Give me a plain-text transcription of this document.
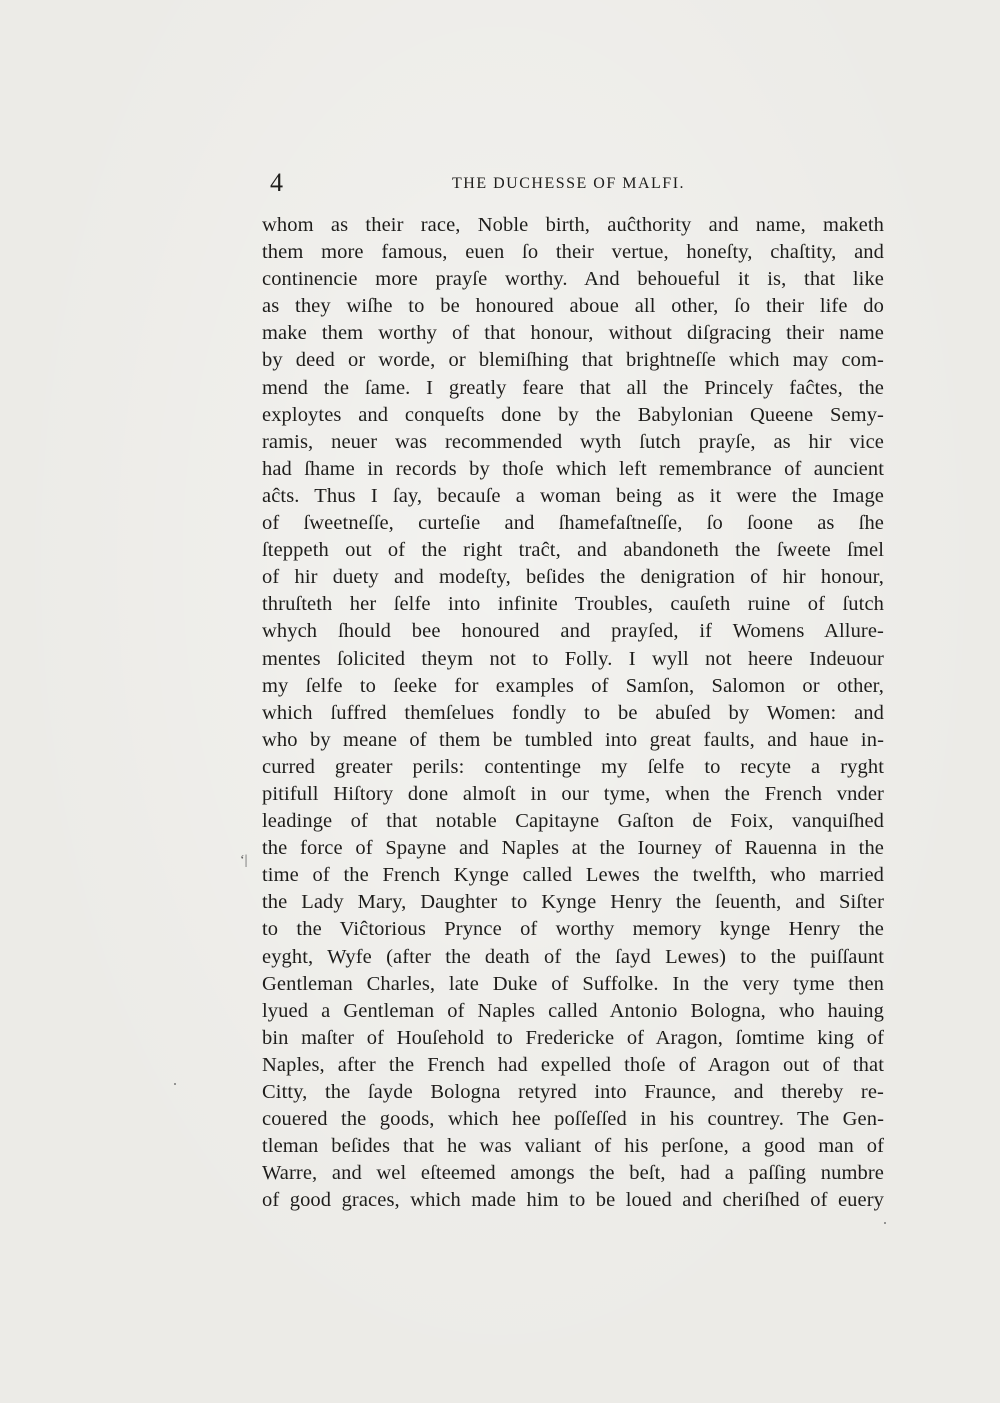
4	THE DUCHESSE OF MALFI.
‘|
whom as their race, Noble birth, auĉthority and name, maketh
them more famous, euen ſo their vertue, honeſty, chaſtity, and
continencie more prayſe worthy. And behoueful it is, that like
as they wiſhe to be honoured aboue all other, ſo their life do
make them worthy of that honour, without diſgracing their name
by deed or worde, or blemiſhing that brightneſſe which may com-
mend the ſame. I greatly feare that all the Princely faĉtes, the
exploytes and conqueſts done by the Babylonian Queene Semy-
ramis, neuer was recommended wyth ſutch prayſe, as hir vice
had ſhame in records by thoſe which left remembrance of auncient
aĉts. Thus I ſay, becauſe a woman being as it were the Image
of ſweetneſſe, curteſie and ſhamefaſtneſſe, ſo ſoone as ſhe
ſteppeth out of the right traĉt, and abandoneth the ſweete ſmel
of hir duety and modeſty, beſides the denigration of hir honour,
thruſteth her ſelfe into infinite Troubles, cauſeth ruine of ſutch
whych ſhould bee honoured and prayſed, if Womens Allure-
mentes ſolicited theym not to Folly. I wyll not heere Indeuour
my ſelfe to ſeeke for examples of Samſon, Salomon or other,
which ſuffred themſelues fondly to be abuſed by Women: and
who by meane of them be tumbled into great faults, and haue in-
curred greater perils: contentinge my ſelfe to recyte a ryght
pitifull Hiſtory done almoſt in our tyme, when the French vnder
leadinge of that notable Capitayne Gaſton de Foix, vanquiſhed
the force of Spayne and Naples at the Iourney of Rauenna in the
time of the French Kynge called Lewes the twelfth, who married
the Lady Mary, Daughter to Kynge Henry the ſeuenth, and Siſter
to the Viĉtorious Prynce of worthy memory kynge Henry the
eyght, Wyfe (after the death of the ſayd Lewes) to the puiſſaunt
Gentleman Charles, late Duke of Suffolke. In the very tyme then
lyued a Gentleman of Naples called Antonio Bologna, who hauing
bin maſter of Houſehold to Fredericke of Aragon, ſomtime king of
Naples, after the French had expelled thoſe of Aragon out of that
Citty, the ſayde Bologna retyred into Fraunce, and thereby re-
couered the goods, which hee poſſeſſed in his countrey. The Gen-
tleman beſides that he was valiant of his perſone, a good man of
Warre, and wel eſteemed amongs the beſt, had a paſſing numbre
of good graces, which made him to be loued and cheriſhed of euery
